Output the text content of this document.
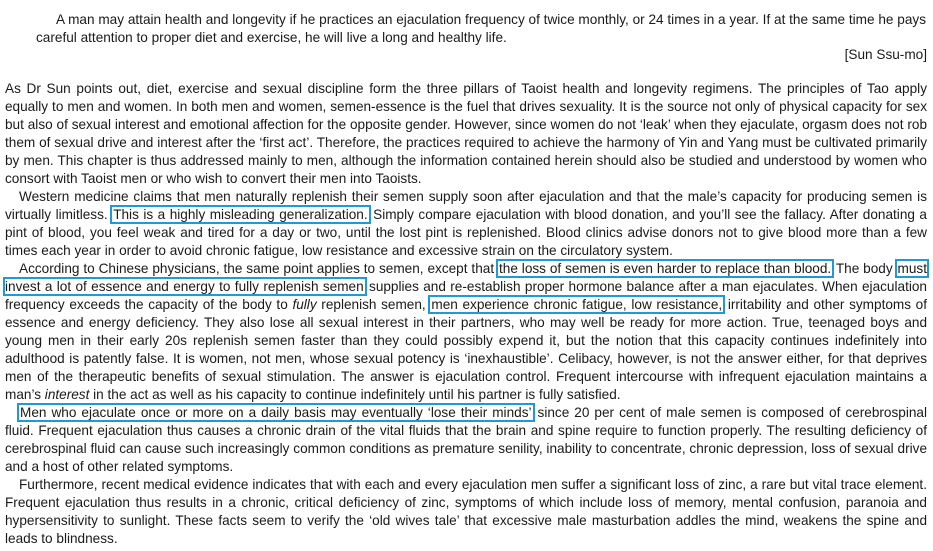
A man may attain health and longevity if he practices an ejaculation frequency of twice monthly, or 24 times in a year. If at the same time he pays careful attention to proper diet and exercise, he will live a long and healthy life.
[Sun Ssu-mo]

As Dr Sun points out, diet, exercise and sexual discipline form the three pillars of Taoist health and longevity regimens. The principles of Tao apply equally to men and women. In both men and women, semen-essence is the fuel that drives sexuality. It is the source not only of physical capacity for sex but also of sexual interest and emotional affection for the opposite gender. However, since women do not ‘leak’ when they ejaculate, orgasm does not rob them of sexual drive and interest after the ‘first act’. Therefore, the practices required to achieve the harmony of Yin and Yang must be cultivated primarily by men. This chapter is thus addressed mainly to men, although the information contained herein should also be studied and understood by women who consort with Taoist men or who wish to convert their men into Taoists.

Western medicine claims that men naturally replenish their semen supply soon after ejaculation and that the male’s capacity for producing semen is virtually limitless. This is a highly misleading generalization. Simply compare ejaculation with blood donation, and you’ll see the fallacy. After donating a pint of blood, you feel weak and tired for a day or two, until the lost pint is replenished. Blood clinics advise donors not to give blood more than a few times each year in order to avoid chronic fatigue, low resistance and excessive strain on the circulatory system.

According to Chinese physicians, the same point applies to semen, except that the loss of semen is even harder to replace than blood. The body must invest a lot of essence and energy to fully replenish semen supplies and re-establish proper hormone balance after a man ejaculates. When ejaculation frequency exceeds the capacity of the body to fully replenish semen, men experience chronic fatigue, low resistance, irritability and other symptoms of essence and energy deficiency. They also lose all sexual interest in their partners, who may well be ready for more action. True, teenaged boys and young men in their early 20s replenish semen faster than they could possibly expend it, but the notion that this capacity continues indefinitely into adulthood is patently false. It is women, not men, whose sexual potency is ‘inexhaustible’. Celibacy, however, is not the answer either, for that deprives men of the therapeutic benefits of sexual stimulation. The answer is ejaculation control. Frequent intercourse with infrequent ejaculation maintains a man’s interest in the act as well as his capacity to continue indefinitely until his partner is fully satisfied.

Men who ejaculate once or more on a daily basis may eventually ‘lose their minds’ since 20 per cent of male semen is composed of cerebrospinal fluid. Frequent ejaculation thus causes a chronic drain of the vital fluids that the brain and spine require to function properly. The resulting deficiency of cerebrospinal fluid can cause such increasingly common conditions as premature senility, inability to concentrate, chronic depression, loss of sexual drive and a host of other related symptoms.

Furthermore, recent medical evidence indicates that with each and every ejaculation men suffer a significant loss of zinc, a rare but vital trace element. Frequent ejaculation thus results in a chronic, critical deficiency of zinc, symptoms of which include loss of memory, mental confusion, paranoia and hypersensitivity to sunlight. These facts seem to verify the ‘old wives tale’ that excessive male masturbation addles the mind, weakens the spine and leads to blindness.
